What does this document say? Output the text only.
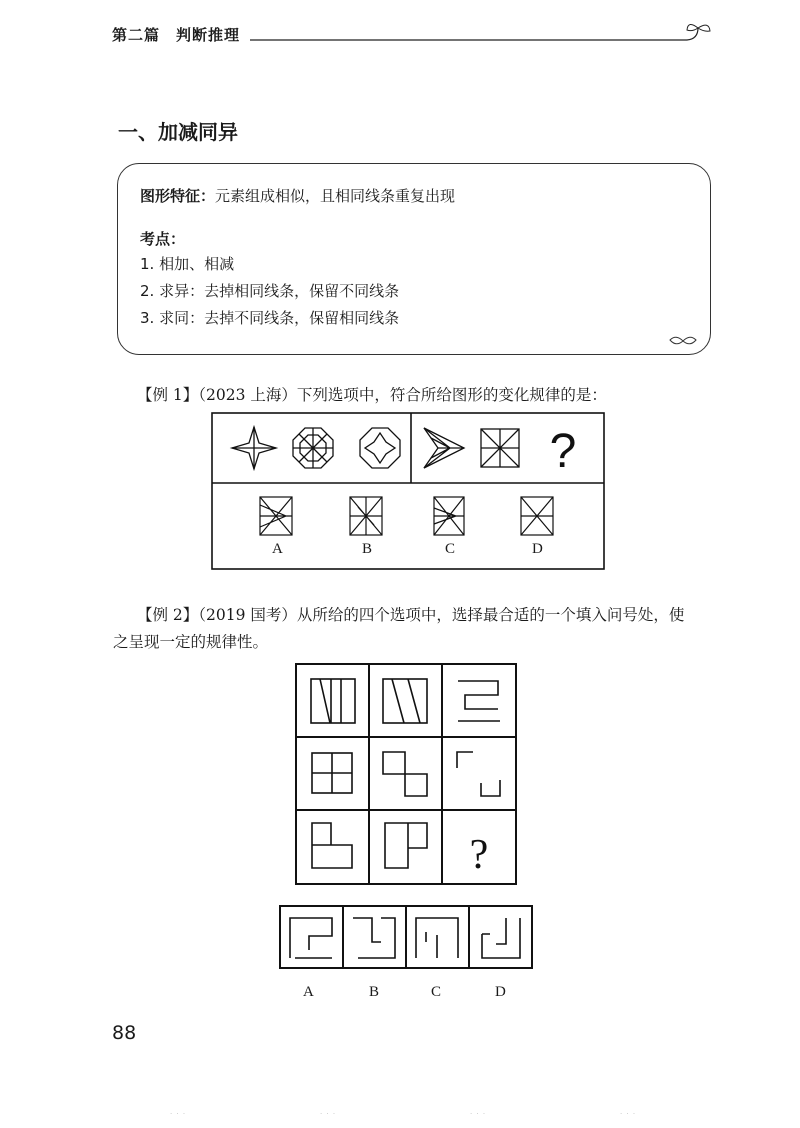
第二篇　判断推理
一、加减同异
图形特征：元素组成相似，且相同线条重复出现
考点：
1. 相加、相减
2. 求异：去掉相同线条，保留不同线条
3. 求同：去掉不同线条，保留相同线条
【例 1】（2023 上海）下列选项中，符合所给图形的变化规律的是：
?
A	B	C	D
【例 2】（2019 国考）从所给的四个选项中，选择最合适的一个填入问号处，使
之呈现一定的规律性。
?
A	B	C	D
88
· · ·	· · ·	· · ·	· · ·
